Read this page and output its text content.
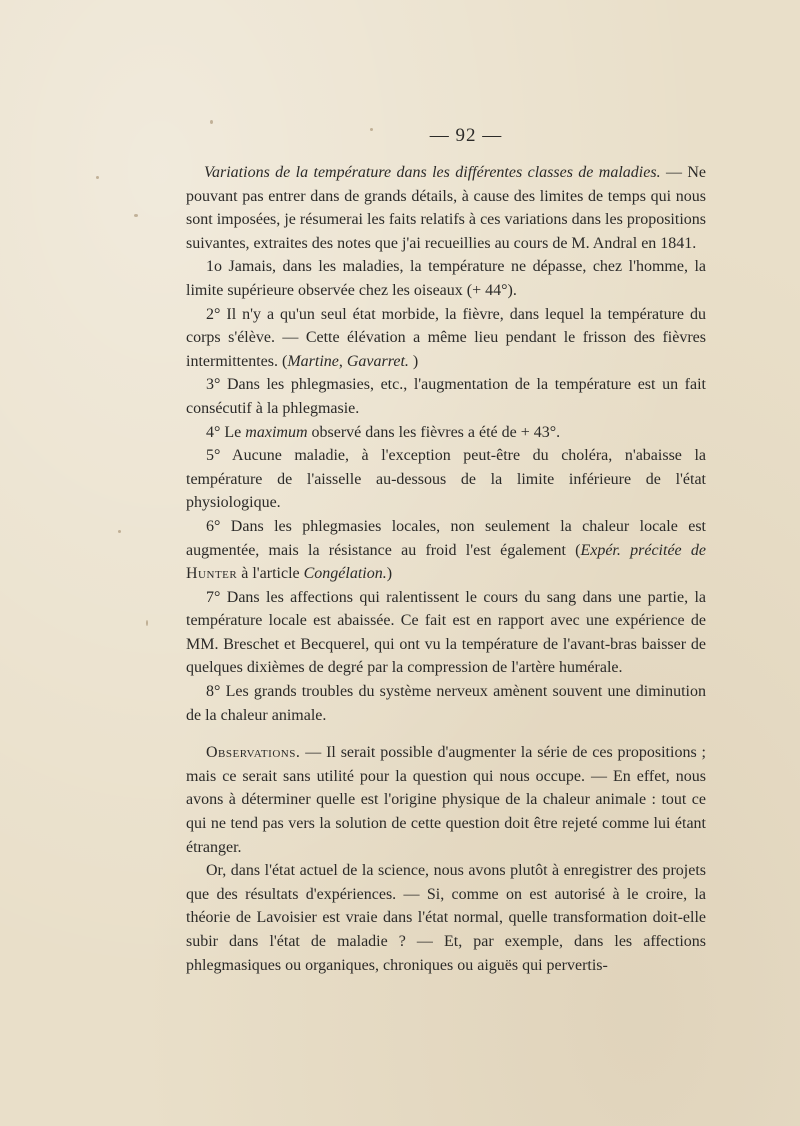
— 92 —

Variations de la température dans les différentes classes de maladies. — Ne pouvant pas entrer dans de grands détails, à cause des limites de temps qui nous sont imposées, je résumerai les faits relatifs à ces variations dans les propositions suivantes, extraites des notes que j'ai recueillies au cours de M. Andral en 1841.

1o Jamais, dans les maladies, la température ne dépasse, chez l'homme, la limite supérieure observée chez les oiseaux (+ 44°).

2° Il n'y a qu'un seul état morbide, la fièvre, dans lequel la température du corps s'élève. — Cette élévation a même lieu pendant le frisson des fièvres intermittentes. (Martine, Gavarret. )

3° Dans les phlegmasies, etc., l'augmentation de la température est un fait consécutif à la phlegmasie.

4° Le maximum observé dans les fièvres a été de + 43°.

5° Aucune maladie, à l'exception peut-être du choléra, n'abaisse la température de l'aisselle au-dessous de la limite inférieure de l'état physiologique.

6° Dans les phlegmasies locales, non seulement la chaleur locale est augmentée, mais la résistance au froid l'est également (Expér. précitée de Hunter à l'article Congélation.)

7° Dans les affections qui ralentissent le cours du sang dans une partie, la température locale est abaissée. Ce fait est en rapport avec une expérience de MM. Breschet et Becquerel, qui ont vu la température de l'avant-bras baisser de quelques dixièmes de degré par la compression de l'artère humérale.

8° Les grands troubles du système nerveux amènent souvent une diminution de la chaleur animale.

Observations. — Il serait possible d'augmenter la série de ces propositions ; mais ce serait sans utilité pour la question qui nous occupe. — En effet, nous avons à déterminer quelle est l'origine physique de la chaleur animale : tout ce qui ne tend pas vers la solution de cette question doit être rejeté comme lui étant étranger.

Or, dans l'état actuel de la science, nous avons plutôt à enregistrer des projets que des résultats d'expériences. — Si, comme on est autorisé à le croire, la théorie de Lavoisier est vraie dans l'état normal, quelle transformation doit-elle subir dans l'état de maladie ? — Et, par exemple, dans les affections phlegmasiques ou organiques, chroniques ou aiguës qui pervertis-
